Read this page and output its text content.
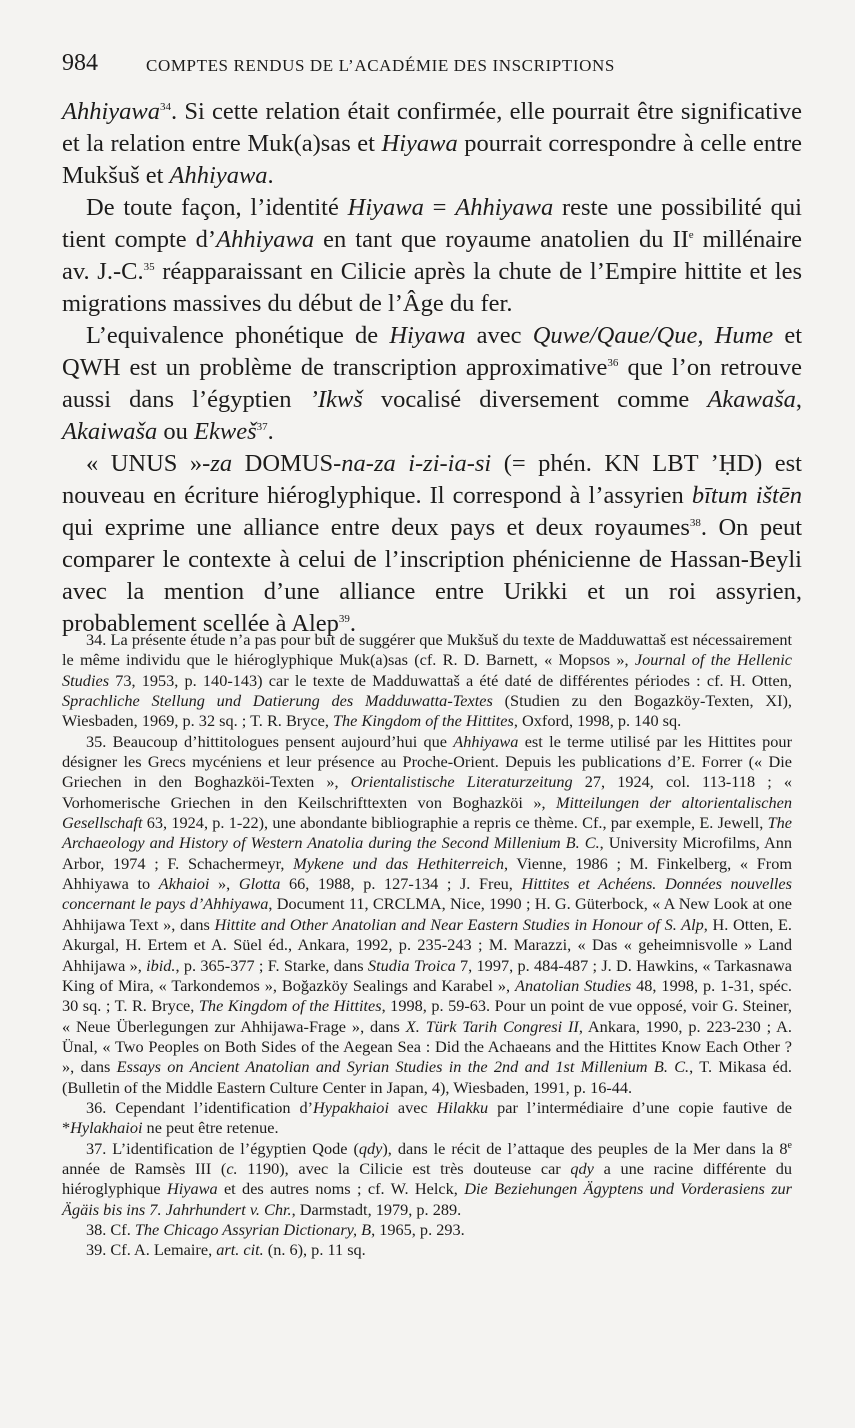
984	COMPTES RENDUS DE L’ACADÉMIE DES INSCRIPTIONS

Ahhiyawa$^{34}$. Si cette relation était confirmée, elle pourrait être significative et la relation entre Muk(a)sas et Hiyawa pourrait correspondre à celle entre Mukšuš et Ahhiyawa.

De toute façon, l’identité Hiyawa = Ahhiyawa reste une possibilité qui tient compte d’Ahhiyawa en tant que royaume anatolien du IIe millénaire av. J.-C.$^{35}$ réapparaissant en Cilicie après la chute de l’Empire hittite et les migrations massives du début de l’Âge du fer.

L’equivalence phonétique de Hiyawa avec Quwe/Qaue/Que, Hume et QWH est un problème de transcription approximative$^{36}$ que l’on retrouve aussi dans l’égyptien ’Ikwš vocalisé diversement comme Akawaša, Akaiwaša ou Ekweš$^{37}$.

« UNUS »-za DOMUS-na-za i-zi-ia-si (= phén. KN LBT ’ḤD) est nouveau en écriture hiéroglyphique. Il correspond à l’assyrien bītum ištēn qui exprime une alliance entre deux pays et deux royaumes$^{38}$. On peut comparer le contexte à celui de l’inscription phénicienne de Hassan-Beyli avec la mention d’une alliance entre Urikki et un roi assyrien, probablement scellée à Alep$^{39}$.

34. La présente étude n’a pas pour but de suggérer que Mukšuš du texte de Madduwattaš est nécessairement le même individu que le hiéroglyphique Muk(a)sas (cf. R. D. Barnett, « Mopsos », Journal of the Hellenic Studies 73, 1953, p. 140-143) car le texte de Madduwattaš a été daté de différentes périodes : cf. H. Otten, Sprachliche Stellung und Datierung des Madduwatta-Textes (Studien zu den Bogazköy-Texten, XI), Wiesbaden, 1969, p. 32 sq. ; T. R. Bryce, The Kingdom of the Hittites, Oxford, 1998, p. 140 sq.

35. Beaucoup d’hittitologues pensent aujourd’hui que Ahhiyawa est le terme utilisé par les Hittites pour désigner les Grecs mycéniens et leur présence au Proche-Orient. Depuis les publications d’E. Forrer (« Die Griechen in den Boghazköi-Texten », Orientalistische Literaturzeitung 27, 1924, col. 113-118 ; « Vorhomerische Griechen in den Keilschrifttexten von Boghazköi », Mitteilungen der altorientalischen Gesellschaft 63, 1924, p. 1-22), une abondante bibliographie a repris ce thème. Cf., par exemple, E. Jewell, The Archaeology and History of Western Anatolia during the Second Millenium B. C., University Microfilms, Ann Arbor, 1974 ; F. Schachermeyr, Mykene und das Hethiterreich, Vienne, 1986 ; M. Finkelberg, « From Ahhiyawa to Akhaioi », Glotta 66, 1988, p. 127-134 ; J. Freu, Hittites et Achéens. Données nouvelles concernant le pays d’Ahhiyawa, Document 11, CRCLMA, Nice, 1990 ; H. G. Güterbock, « A New Look at one Ahhijawa Text », dans Hittite and Other Anatolian and Near Eastern Studies in Honour of S. Alp, H. Otten, E. Akurgal, H. Ertem et A. Süel éd., Ankara, 1992, p. 235-243 ; M. Marazzi, « Das « geheimnisvolle » Land Ahhijawa », ibid., p. 365-377 ; F. Starke, dans Studia Troica 7, 1997, p. 484-487 ; J. D. Hawkins, « Tarkasnawa King of Mira, « Tarkondemos », Boğazköy Sealings and Karabel », Anatolian Studies 48, 1998, p. 1-31, spéc. 30 sq. ; T. R. Bryce, The Kingdom of the Hittites, 1998, p. 59-63. Pour un point de vue opposé, voir G. Steiner, « Neue Überlegungen zur Ahhijawa-Frage », dans X. Türk Tarih Congresi II, Ankara, 1990, p. 223-230 ; A. Ünal, « Two Peoples on Both Sides of the Aegean Sea : Did the Achaeans and the Hittites Know Each Other ? », dans Essays on Ancient Anatolian and Syrian Studies in the 2nd and 1st Millenium B. C., T. Mikasa éd. (Bulletin of the Middle Eastern Culture Center in Japan, 4), Wiesbaden, 1991, p. 16-44.

36. Cependant l’identification d’Hypakhaioi avec Hilakku par l’intermédiaire d’une copie fautive de *Hylakhaioi ne peut être retenue.

37. L’identification de l’égyptien Qode (qdy), dans le récit de l’attaque des peuples de la Mer dans la 8e année de Ramsès III (c. 1190), avec la Cilicie est très douteuse car qdy a une racine différente du hiéroglyphique Hiyawa et des autres noms ; cf. W. Helck, Die Beziehungen Ägyptens und Vorderasiens zur Ägäis bis ins 7. Jahrhundert v. Chr., Darmstadt, 1979, p. 289.

38. Cf. The Chicago Assyrian Dictionary, B, 1965, p. 293.

39. Cf. A. Lemaire, art. cit. (n. 6), p. 11 sq.
